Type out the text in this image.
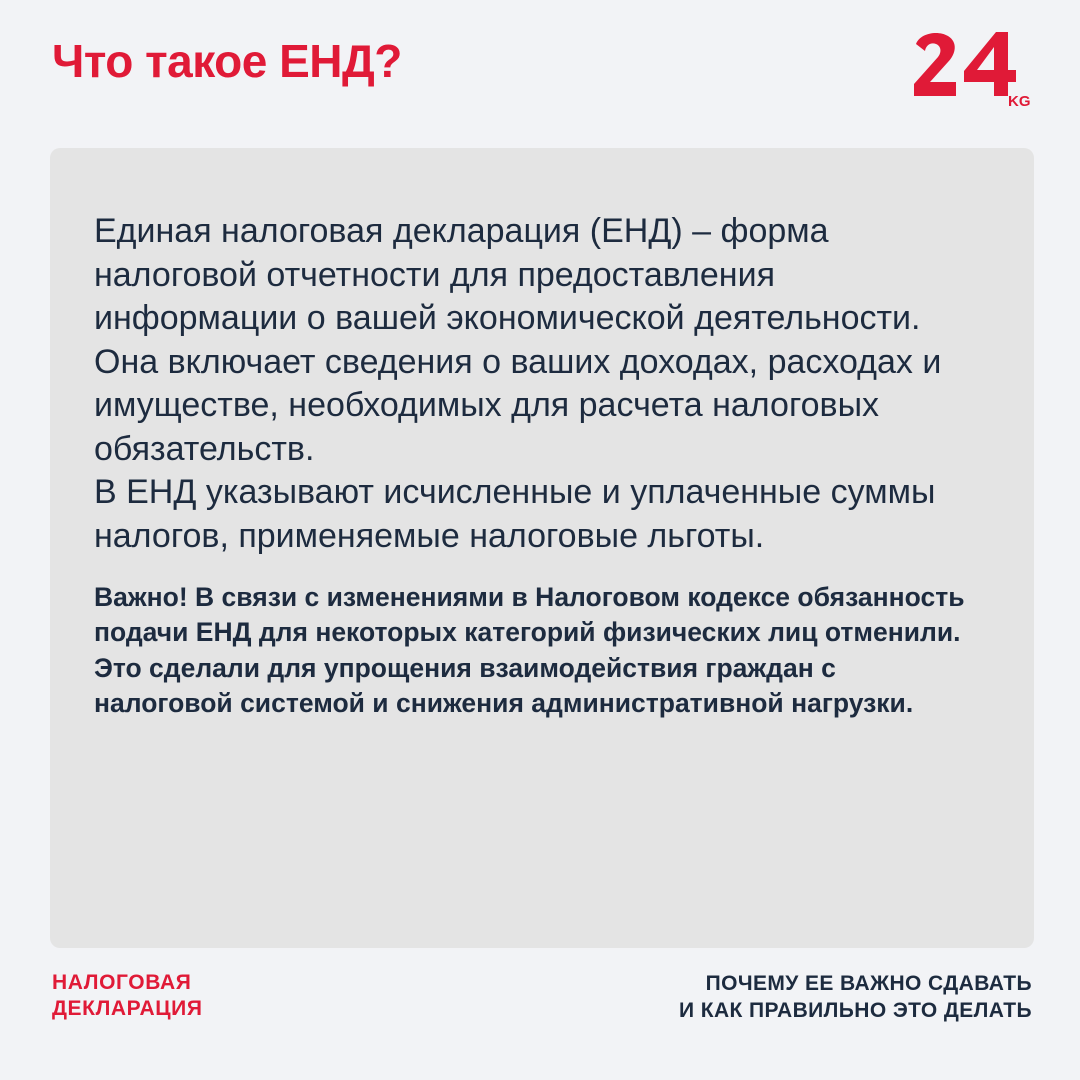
Что такое ЕНД?
KG

Единая налоговая декларация (ЕНД) – форма налоговой отчетности для предоставления информации о вашей экономической деятельности.

Она включает сведения о ваших доходах, расходах и имуществе, необходимых для расчета налоговых обязательств.

В ЕНД указывают исчисленные и уплаченные суммы налогов, применяемые налоговые льготы.

Важно! В связи с изменениями в Налоговом кодексе обязанность подачи ЕНД для некоторых категорий физических лиц отменили. Это сделали для упрощения взаимодействия граждан с налоговой системой и снижения административной нагрузки.

НАЛОГОВАЯ
ДЕКЛАРАЦИЯ
ПОЧЕМУ ЕЕ ВАЖНО СДАВАТЬ
И КАК ПРАВИЛЬНО ЭТО ДЕЛАТЬ
